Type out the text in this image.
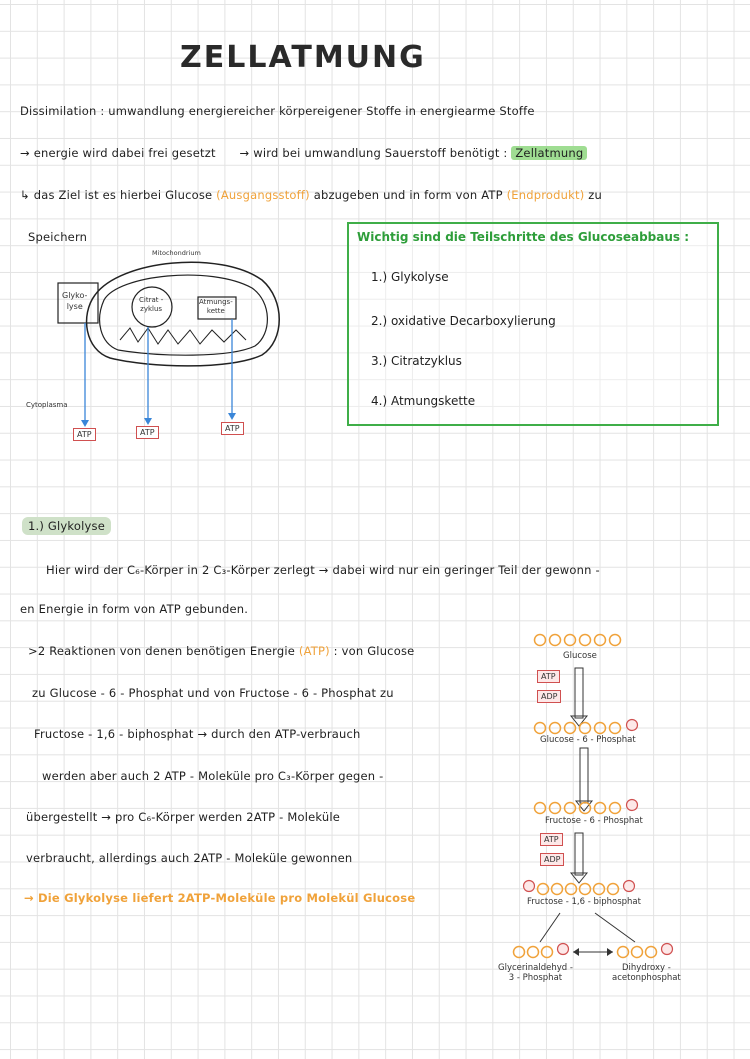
ZELLATMUNG
Dissimilation : umwandlung energiereicher körpereigener Stoffe in energiearme Stoffe
→ energie wird dabei frei gesetzt → wird bei umwandlung Sauerstoff benötigt : Zellatmung
↳ das Ziel ist es hierbei Glucose (Ausgangsstoff) abzugeben und in form von ATP (Endprodukt) zu
Speichern
Glyko-
lyse
Mitochondrium
Citrat -
zyklus
Atmungs-
kette
Cytoplasma
ATP	ATP	ATP
Wichtig sind die Teilschritte des Glucoseabbaus :
1.) Glykolyse
2.) oxidative Decarboxylierung
3.) Citratzyklus
4.) Atmungskette
1.) Glykolyse
Hier wird der C₆-Körper in 2 C₃-Körper zerlegt → dabei wird nur ein geringer Teil der gewonn -
en Energie in form von ATP gebunden.
>2 Reaktionen von denen benötigen Energie (ATP) : von Glucose
zu Glucose - 6 - Phosphat und von Fructose - 6 - Phosphat zu
Fructose - 1,6 - biphosphat → durch den ATP-verbrauch
werden aber auch 2 ATP - Moleküle pro C₃-Körper gegen -
übergestellt → pro C₆-Körper werden 2ATP - Moleküle
verbraucht, allerdings auch 2ATP - Moleküle gewonnen
→ Die Glykolyse liefert 2ATP-Moleküle pro Molekül Glucose
Glucose
ATP
ADP
Glucose - 6 - Phosphat
Fructose - 6 - Phosphat
ATP
ADP
Fructose - 1,6 - biphosphat
Glycerinaldehyd -
3 - Phosphat
Dihydroxy -
acetonphosphat
